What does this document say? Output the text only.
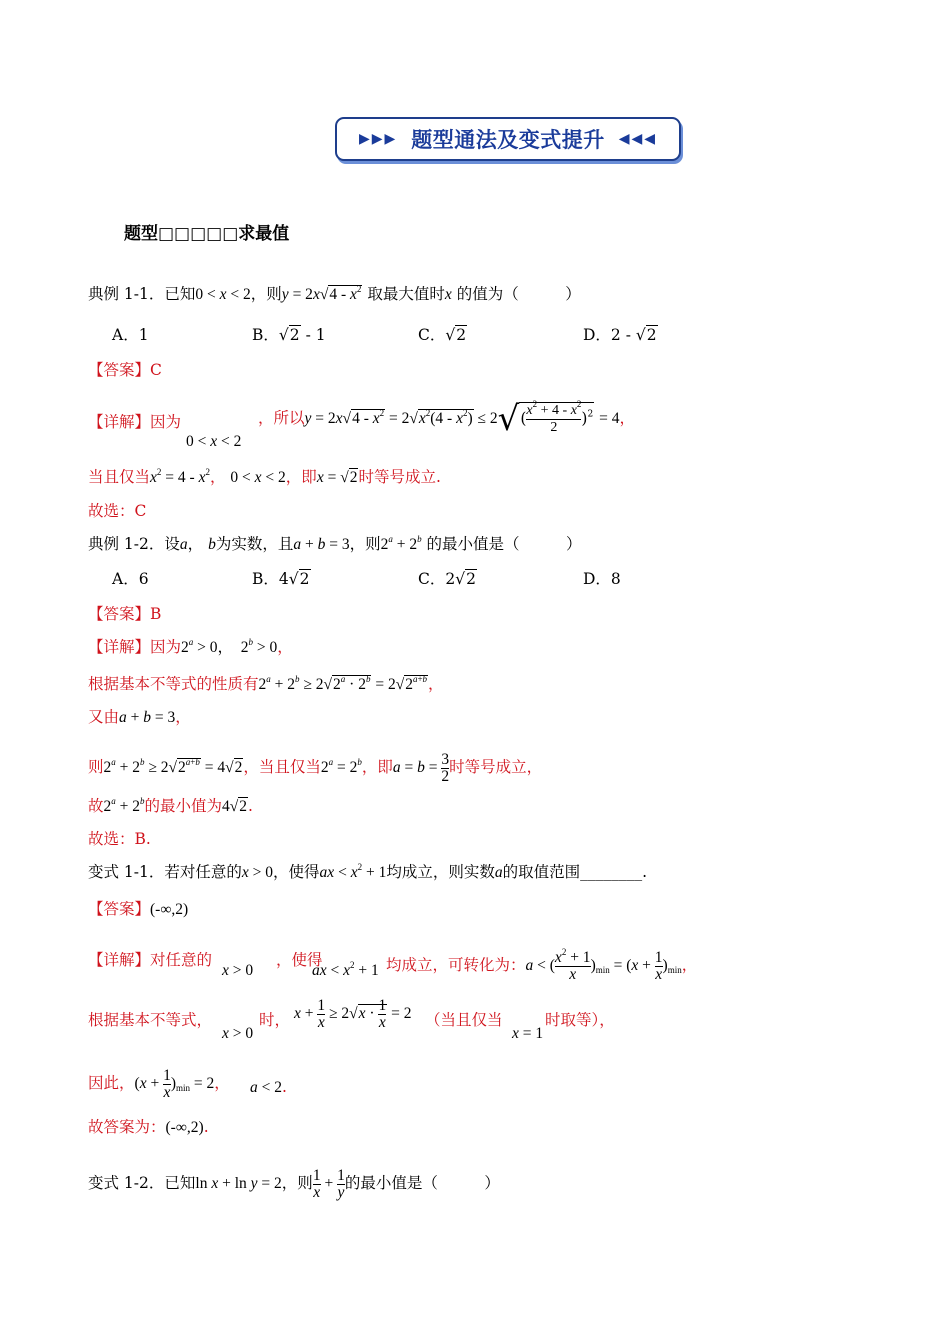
▶▶▶ 题型通法及变式提升 ◀◀◀
题型□□□□□求最值
典例 1-1．已知0 < x < 2，则$y = 2x√4 - x^2$ 取最大值时x 的值为（　　　）
A．1	B．√2 - 1	C．√2	D．2 - √2
【答案】C
【详解】因为
0 < x < 2
，所以$y = 2x√4 - x^2 = 2√x^2(4 - x^2) \le 2√( \frac{x^2 + 4 - x^2}{2} )^2 = 4$，
当且仅当$x^2 = 4 - x^2$， 0 < x < 2，即x = √2时等号成立.
故选：C
典例 1-2．设a， b为实数，且a + b = 3，则$2^a + 2^b$ 的最小值是（　　　）
A．6	B．4√2	C．2√2	D．8
【答案】B
【详解】因为$2^a > 0$，　$2^b > 0$，
根据基本不等式的性质有$2^a + 2^b \ge 2√2^a \cdot 2^b = 2√2^{a+b}$，
又由a + b = 3，
则$2^a + 2^b \ge 2√2^{a+b} = 4√2$，当且仅当$2^a = 2^b$，即$a = b = \frac{3}{2}$ 时等号成立，
故$2^a + 2^b$的最小值为4√2.
故选：B.
变式 1-1．若对任意的x > 0，使得ax < $x^2 + 1$均成立，则实数a的取值范围________.
【答案】(-∞,2)
【详解】对任意的
x > 0
，使得
ax < $x^2 + 1$ 均成立，可转化为：a < ( $\frac{x^2 + 1}{x} )_{min} = (x + \frac{1}{x} )_{min}$，
根据基本不等式，
x > 0
时， $x + \frac{1}{x} \ge 2√x \cdot \frac{1}{x} = 2$ （当且仅当
x = 1
时取等），
因此，$(x + \frac{1}{x} )_{min} = 2$， a < 2.
故答案为：(-∞,2).
变式 1-2．已知ln x + ln y = 2，则 $\frac{1}{x} + \frac{1}{y}$ 的最小值是（　　　）
